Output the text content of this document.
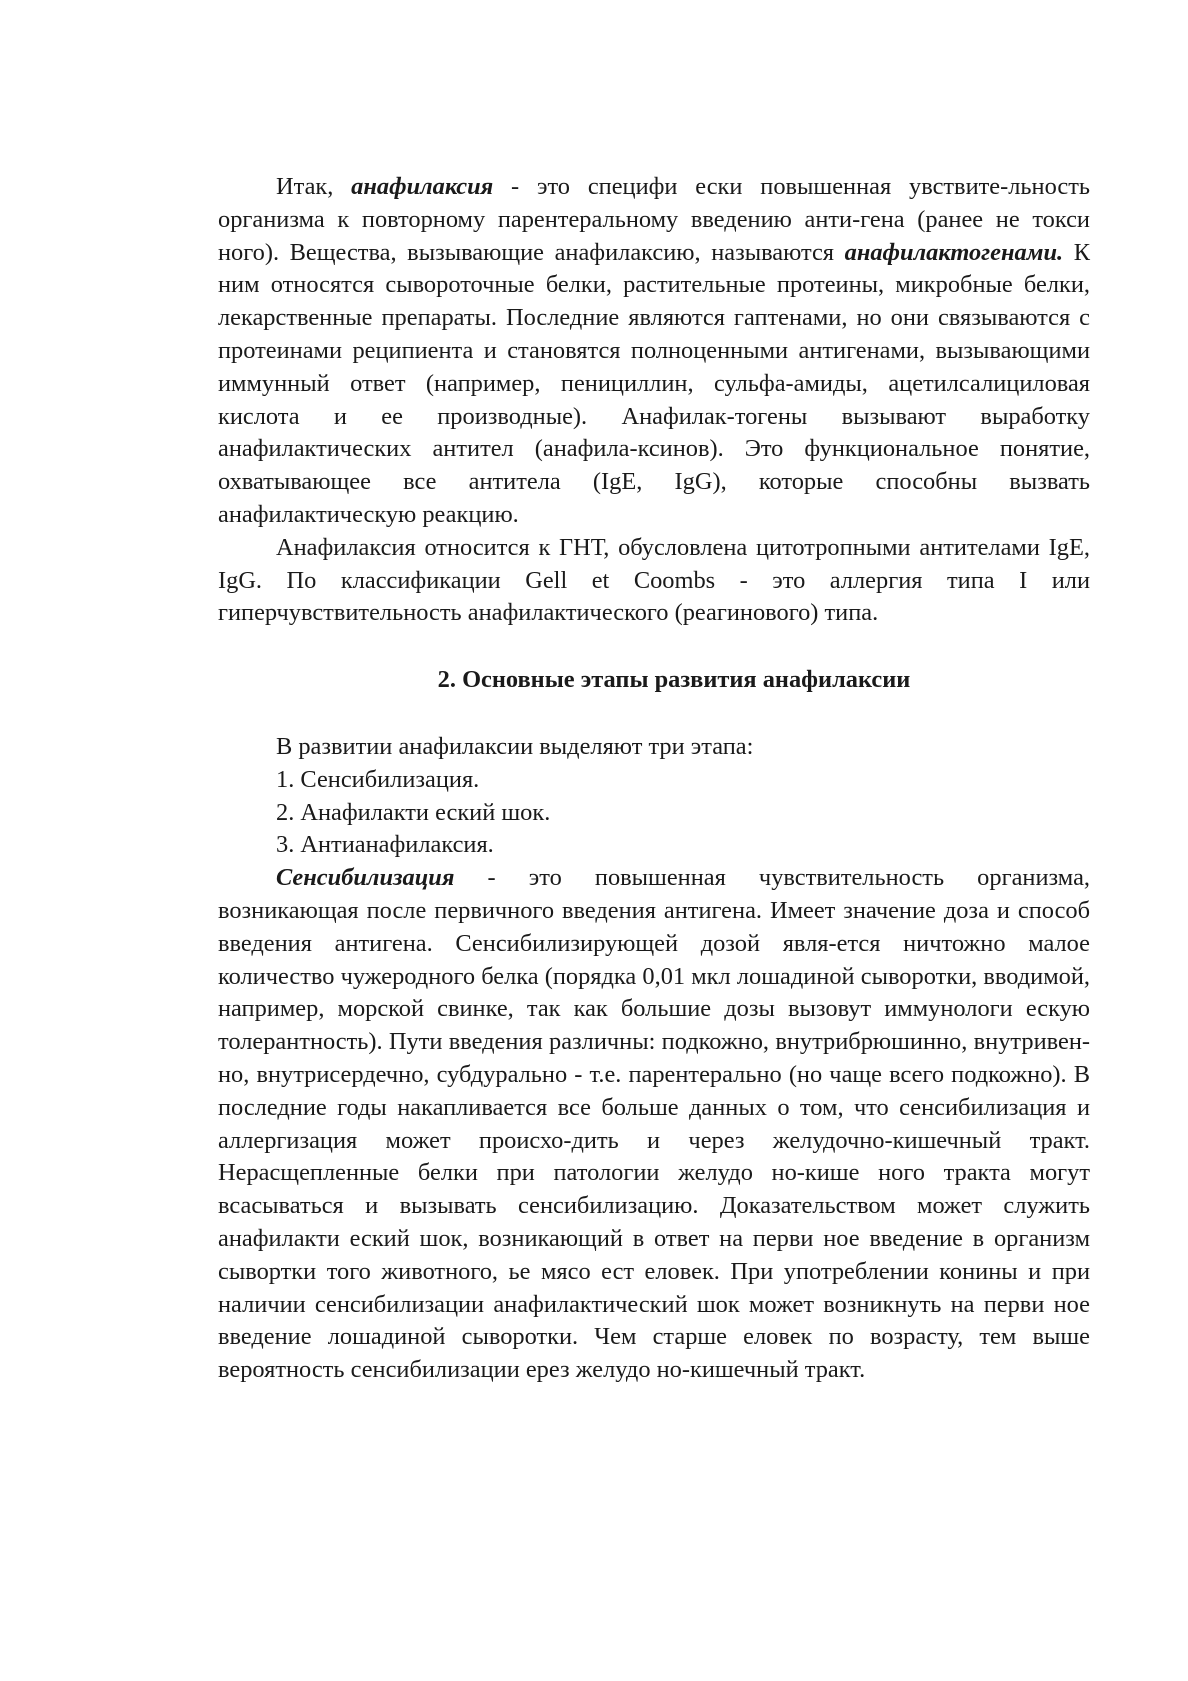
Итак, анафилаксия - это специфи ески повышенная увствите-льность организма к повторному парентеральному введению анти-гена (ранее не токси ного). Вещества, вызывающие анафилаксию, называются анафилактогенами. К ним относятся сывороточные белки, растительные протеины, микробные белки, лекарственные препараты. Последние являются гаптенами, но они связываются с протеинами реципиента и становятся полноценными антигенами, вызывающими иммунный ответ (например, пенициллин, сульфа-амиды, ацетилсалициловая кислота и ее производные). Анафилак-тогены вызывают выработку анафилактических антител (анафила-ксинов). Это функциональное понятие, охватывающее все антитела (IgE, IgG), которые способны вызвать анафилактическую реакцию.

Анафилаксия относится к ГНТ, обусловлена цитотропными антителами IgE, IgG. По классификации Gell et Coombs - это аллергия типа I или гиперчувствительность анафилактического (реагинового) типа.

2. Основные этапы развития анафилаксии

В развитии анафилаксии выделяют три этапа:

1. Сенсибилизация.

2. Анафилакти еский шок.

3. Антианафилаксия.

Сенсибилизация - это повышенная чувствительность организма, возникающая после первичного введения антигена. Имеет значение доза и способ введения антигена. Сенсибилизирующей дозой явля-ется ничтожно малое количество чужеродного белка (порядка 0,01 мкл лошадиной сыворотки, вводимой, например, морской свинке, так как большие дозы вызовут иммунологи ескую толерантность). Пути введения различны: подкожно, внутрибрюшинно, внутривен-но, внутрисердечно, субдурально - т.е. парентерально (но чаще всего подкожно). В последние годы накапливается все больше данных о том, что сенсибилизация и аллергизация может происхо-дить и через желудочно-кишечный тракт. Нерасщепленные белки при патологии желудо но-кише ного тракта могут всасываться и вызывать сенсибилизацию. Доказательством может служить анафилакти еский шок, возникающий в ответ на перви ное введение в организм сывортки того животного, ье мясо ест еловек. При употреблении конины и при наличии сенсибилизации анафилактический шок может возникнуть на перви ное введение лошадиной сыворотки. Чем старше еловек по возрасту, тем выше вероятность сенсибилизации ерез желудо но-кишечный тракт.
